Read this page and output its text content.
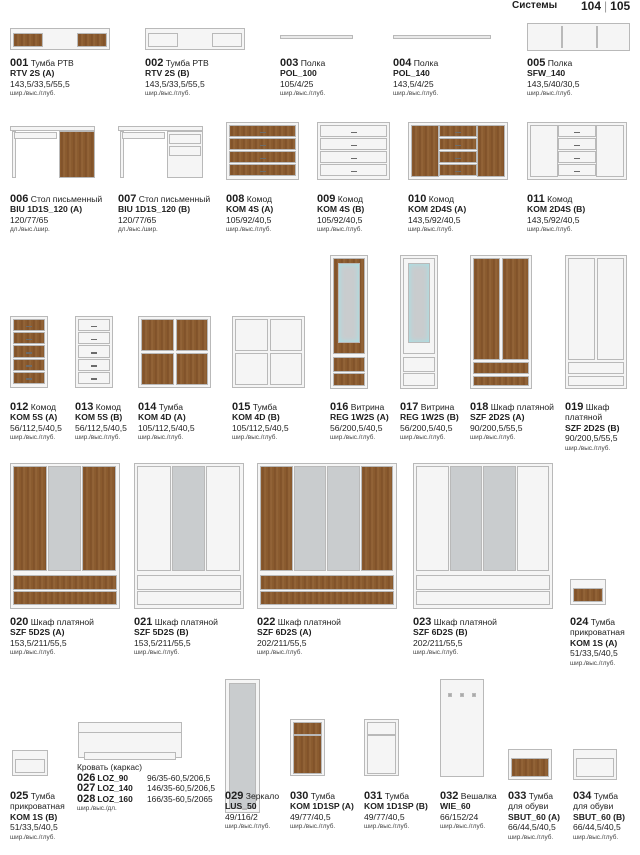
Системы 104 | 105
001 Тумба РТВ
RTV 2S (A)
143,5/33,5/55,5
шир./выс./глуб.
002 Тумба РТВ
RTV 2S (B)
143,5/33,5/55,5
шир./выс./глуб.
003 Полка
POL_100
105/4/25
шир./выс./глуб.
004 Полка
POL_140
143,5/4/25
шир./выс./глуб.
005 Полка
SFW_140
143,5/40/30,5
шир./выс./глуб.
006 Стол письменный
BIU 1D1S_120 (A)
120/77/65
дл./выс./шир.
007 Стол письменный
BIU 1D1S_120 (B)
120/77/65
дл./выс./шир.
008 Комод
KOM 4S (A)
105/92/40,5
шир./выс./глуб.
009 Комод
KOM 4S (B)
105/92/40,5
шир./выс./глуб.
010 Комод
KOM 2D4S (A)
143,5/92/40,5
шир./выс./глуб.
011 Комод
KOM 2D4S (B)
143,5/92/40,5
шир./выс./глуб.
012 Комод
KOM 5S (A)
56/112,5/40,5
шир./выс./глуб.
013 Комод
KOM 5S (B)
56/112,5/40,5
шир./выс./глуб.
014 Тумба
KOM 4D (A)
105/112,5/40,5
шир./выс./глуб.
015 Тумба
KOM 4D (B)
105/112,5/40,5
шир./выс./глуб.
016 Витрина
REG 1W2S (A)
56/200,5/40,5
шир./выс./глуб.
017 Витрина
REG 1W2S (B)
56/200,5/40,5
шир./выс./глуб.
018 Шкаф платяной
SZF 2D2S (A)
90/200,5/55,5
шир./выс./глуб.
019 Шкаф
платяной
SZF 2D2S (B)
90/200,5/55,5
шир./выс./глуб.
020 Шкаф платяной
SZF 5D2S (A)
153,5/211/55,5
шир./выс./глуб.
021 Шкаф платяной
SZF 5D2S (B)
153,5/211/55,5
шир./выс./глуб.
022 Шкаф платяной
SZF 6D2S (A)
202/211/55,5
шир./выс./глуб.
023 Шкаф платяной
SZF 6D2S (B)
202/211/55,5
шир./выс./глуб.
024 Тумба
прикроватная
KOM 1S (A)
51/33,5/40,5
шир./выс./глуб.
025 Тумба
прикроватная
KOM 1S (B)
51/33,5/40,5
шир./выс./глуб.
029 Зеркало
LUS_50
49/116/2
шир./выс./глуб.
030 Тумба
KOM 1D1SP (A)
49/77/40,5
шир./выс./глуб.
031 Тумба
KOM 1D1SP (B)
49/77/40,5
шир./выс./глуб.
032 Вешалка
WIE_60
66/152/24
шир./выс./глуб.
033 Тумба
для обуви
SBUT_60 (A)
66/44,5/40,5
шир./выс./глуб.
034 Тумба
для обуви
SBUT_60 (B)
66/44,5/40,5
шир./выс./глуб.
Кровать (каркас)
026 LOZ_90 96/35-60,5/206,5
027 LOZ_140 146/35-60,5/206,5
028 LOZ_160 166/35-60,5/2065
шир./выс./дл.
